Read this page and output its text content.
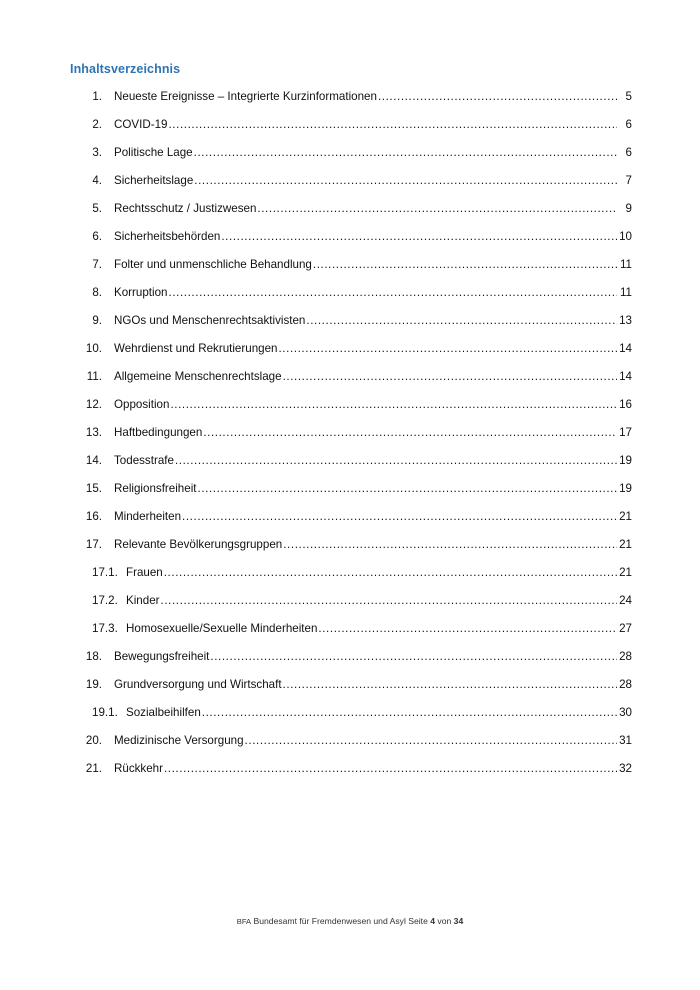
Inhaltsverzeichnis
1.	Neueste Ereignisse – Integrierte Kurzinformationen .....	5
2.	COVID-19 .....	6
3.	Politische Lage .....	6
4.	Sicherheitslage .....	7
5.	Rechtsschutz / Justizwesen .....	9
6.	Sicherheitsbehörden .....	10
7.	Folter und unmenschliche Behandlung .....	11
8.	Korruption .....	11
9.	NGOs und Menschenrechtsaktivisten .....	13
10.	Wehrdienst und Rekrutierungen .....	14
11.	Allgemeine Menschenrechtslage .....	14
12.	Opposition .....	16
13.	Haftbedingungen .....	17
14.	Todesstrafe .....	19
15.	Religionsfreiheit .....	19
16.	Minderheiten .....	21
17.	Relevante Bevölkerungsgruppen .....	21
17.1. Frauen .....	21
17.2. Kinder .....	24
17.3. Homosexuelle/Sexuelle Minderheiten .....	27
18.	Bewegungsfreiheit .....	28
19.	Grundversorgung und Wirtschaft .....	28
19.1. Sozialbeihilfen .....	30
20.	Medizinische Versorgung .....	31
21.	Rückkehr .....	32
BFA Bundesamt für Fremdenwesen und Asyl Seite 4 von 34
